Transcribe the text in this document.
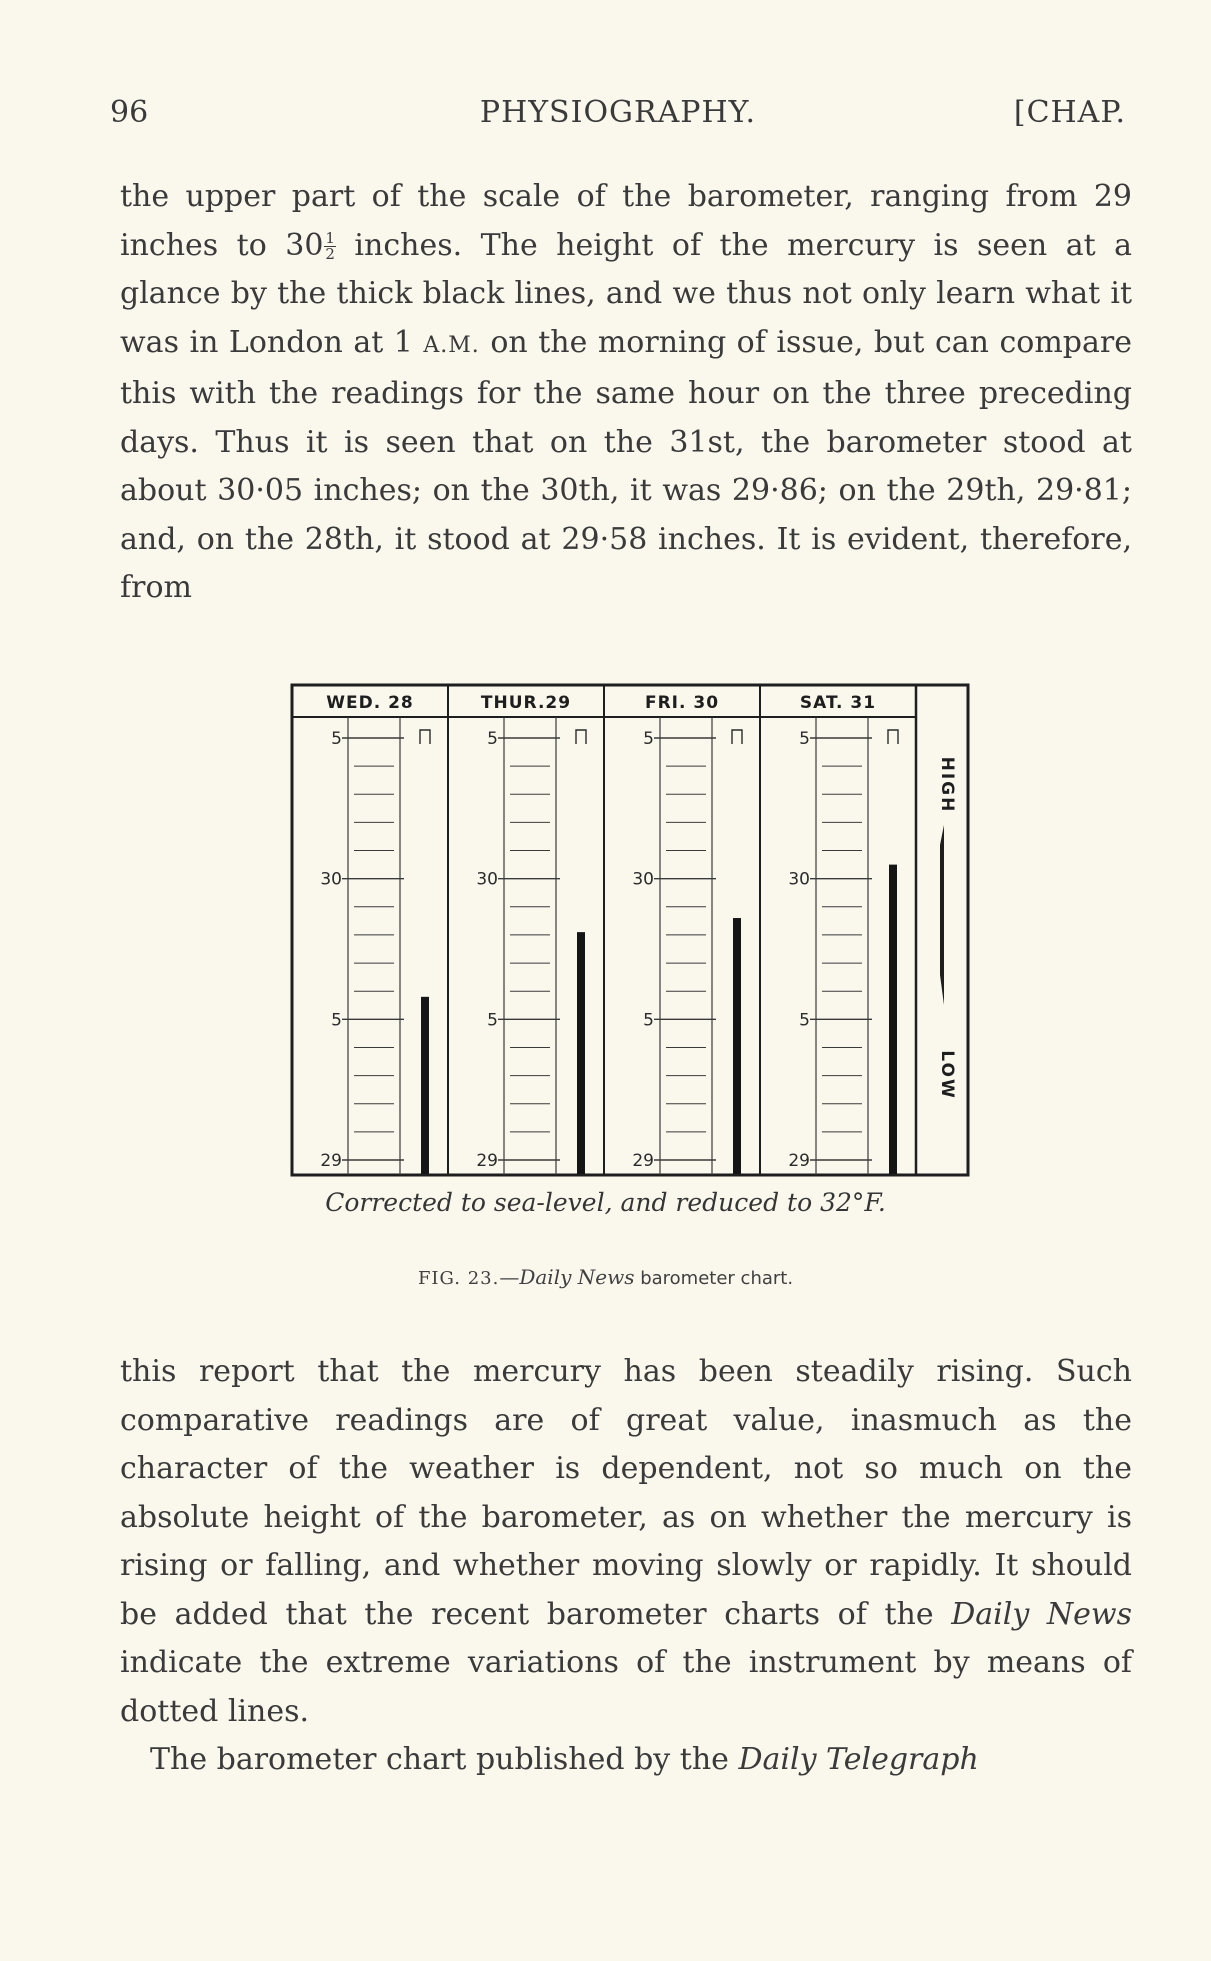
96	PHYSIOGRAPHY.	[CHAP.

the upper part of the scale of the barometer, ranging from 29 inches to $30 \frac{1}{2}$ inches. The height of the mercury is seen at a glance by the thick black lines, and we thus not only learn what it was in London at 1 A.M. on the morning of issue, but can compare this with the readings for the same hour on the three preceding days. Thus it is seen that on the 31st, the barometer stood at about 30·05 inches; on the 30th, it was 29·86; on the 29th, 29·81; and, on the 28th, it stood at 29·58 inches. It is evident, therefore, from

WED. 28
5
30
5
29
THUR.29
5
30
5
29
FRI. 30
5
30
5
29
SAT. 31
5
30
5
29
HIGH
LOW
Corrected to sea-level, and reduced to 32°F.
FIG. 23.—Daily News barometer chart.

this report that the mercury has been steadily rising. Such comparative readings are of great value, inasmuch as the character of the weather is dependent, not so much on the absolute height of the barometer, as on whether the mercury is rising or falling, and whether moving slowly or rapidly. It should be added that the recent barometer charts of the Daily News indicate the extreme variations of the instrument by means of dotted lines.

The barometer chart published by the Daily Telegraph
